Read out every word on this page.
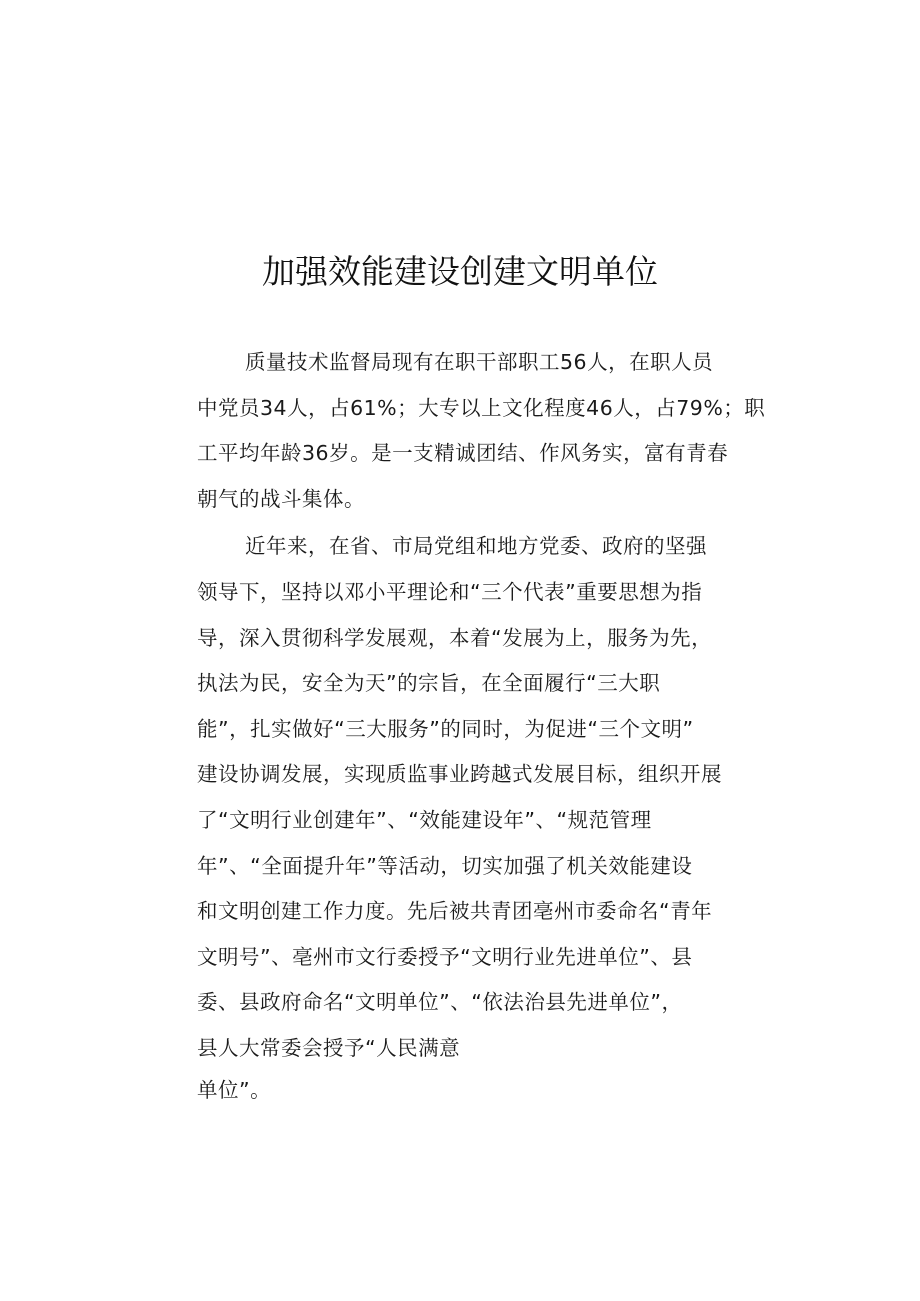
加强效能建设创建文明单位
质量技术监督局现有在职干部职工56人，在职人员
中党员34人，占61%；大专以上文化程度46人，占79%；职
工平均年龄36岁。是一支精诚团结、作风务实，富有青春
朝气的战斗集体。
近年来，在省、市局党组和地方党委、政府的坚强
领导下，坚持以邓小平理论和“三个代表”重要思想为指
导，深入贯彻科学发展观，本着“发展为上，服务为先，
执法为民，安全为天”的宗旨，在全面履行“三大职
能”，扎实做好“三大服务”的同时，为促进“三个文明”
建设协调发展，实现质监事业跨越式发展目标，组织开展
了“文明行业创建年”、“效能建设年”、“规范管理
年”、“全面提升年”等活动，切实加强了机关效能建设
和文明创建工作力度。先后被共青团亳州市委命名“青年
文明号”、亳州市文行委授予“文明行业先进单位”、县
委、县政府命名“文明单位”、“依法治县先进单位”，
县人大常委会授予“人民满意
单位”。
